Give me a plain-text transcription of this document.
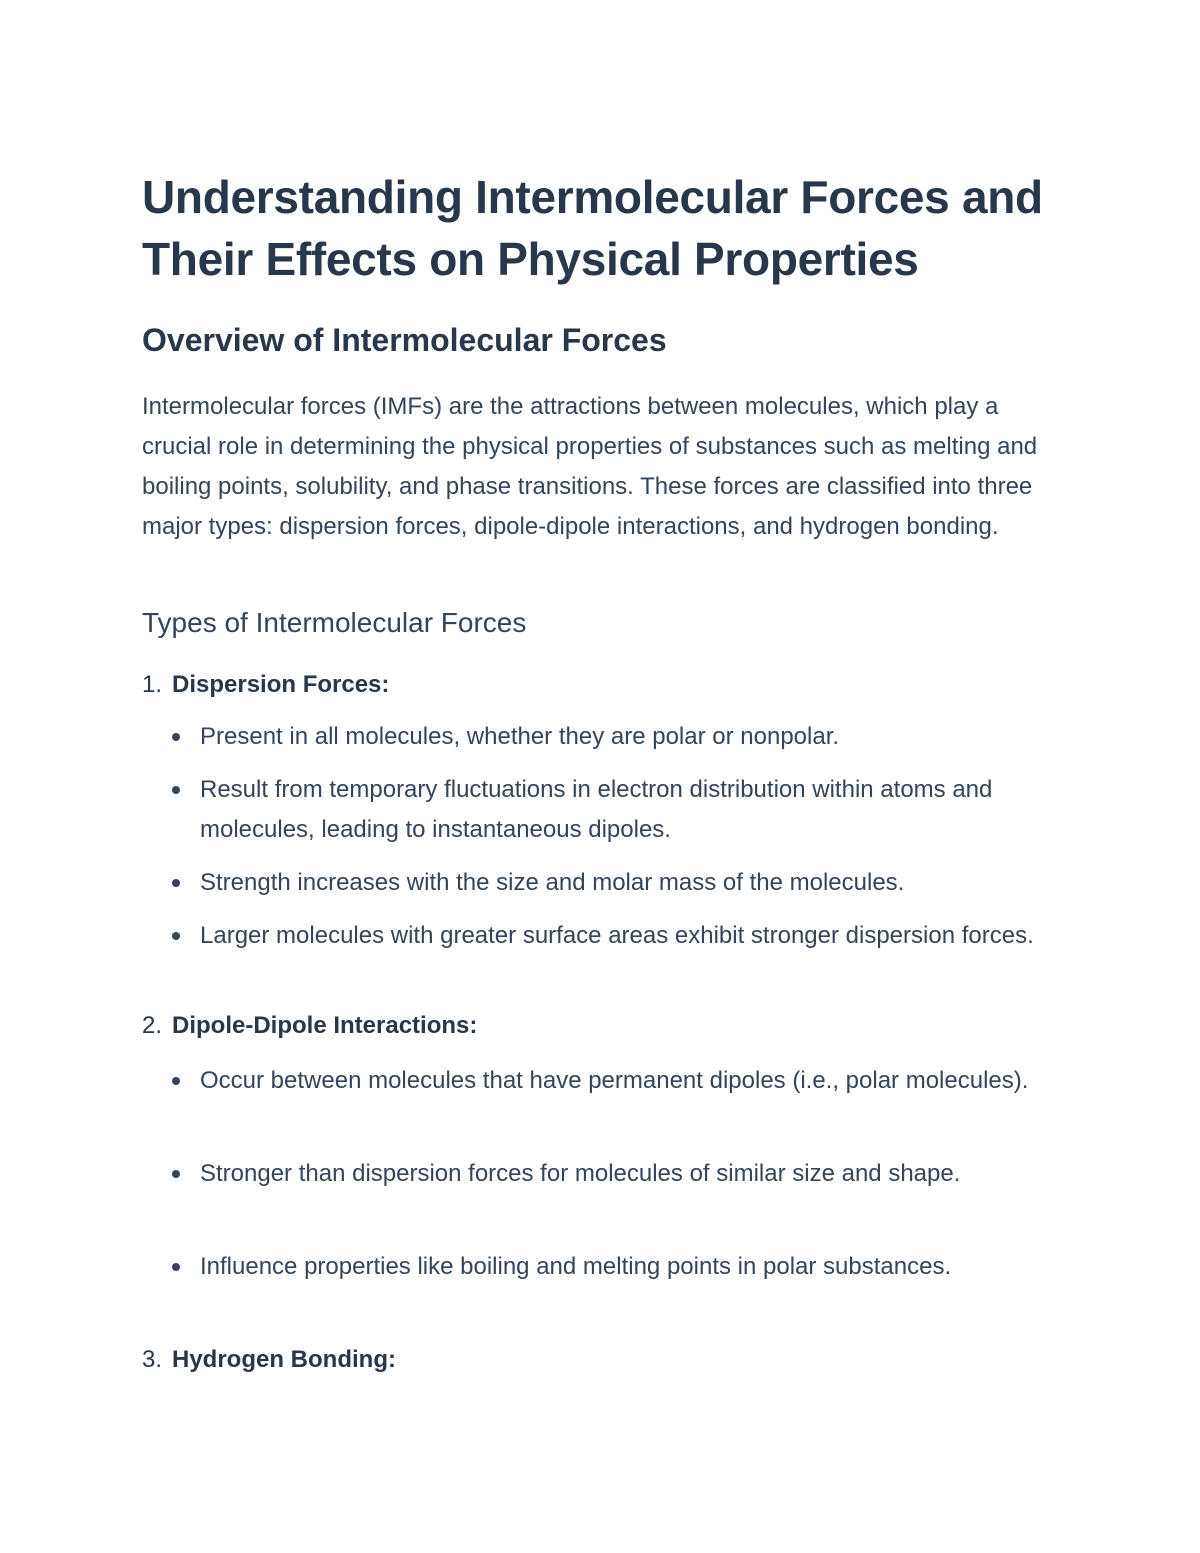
Understanding Intermolecular Forces and Their Effects on Physical Properties
Overview of Intermolecular Forces

Intermolecular forces (IMFs) are the attractions between molecules, which play a crucial role in determining the physical properties of substances such as melting and boiling points, solubility, and phase transitions. These forces are classified into three major types: dispersion forces, dipole-dipole interactions, and hydrogen bonding.

Types of Intermolecular Forces
1. Dispersion Forces:

Present in all molecules, whether they are polar or nonpolar.

Result from temporary fluctuations in electron distribution within atoms and molecules, leading to instantaneous dipoles.

Strength increases with the size and molar mass of the molecules.

Larger molecules with greater surface areas exhibit stronger dispersion forces.

2. Dipole-Dipole Interactions:

Occur between molecules that have permanent dipoles (i.e., polar molecules).

Stronger than dispersion forces for molecules of similar size and shape.

Influence properties like boiling and melting points in polar substances.

3. Hydrogen Bonding:
